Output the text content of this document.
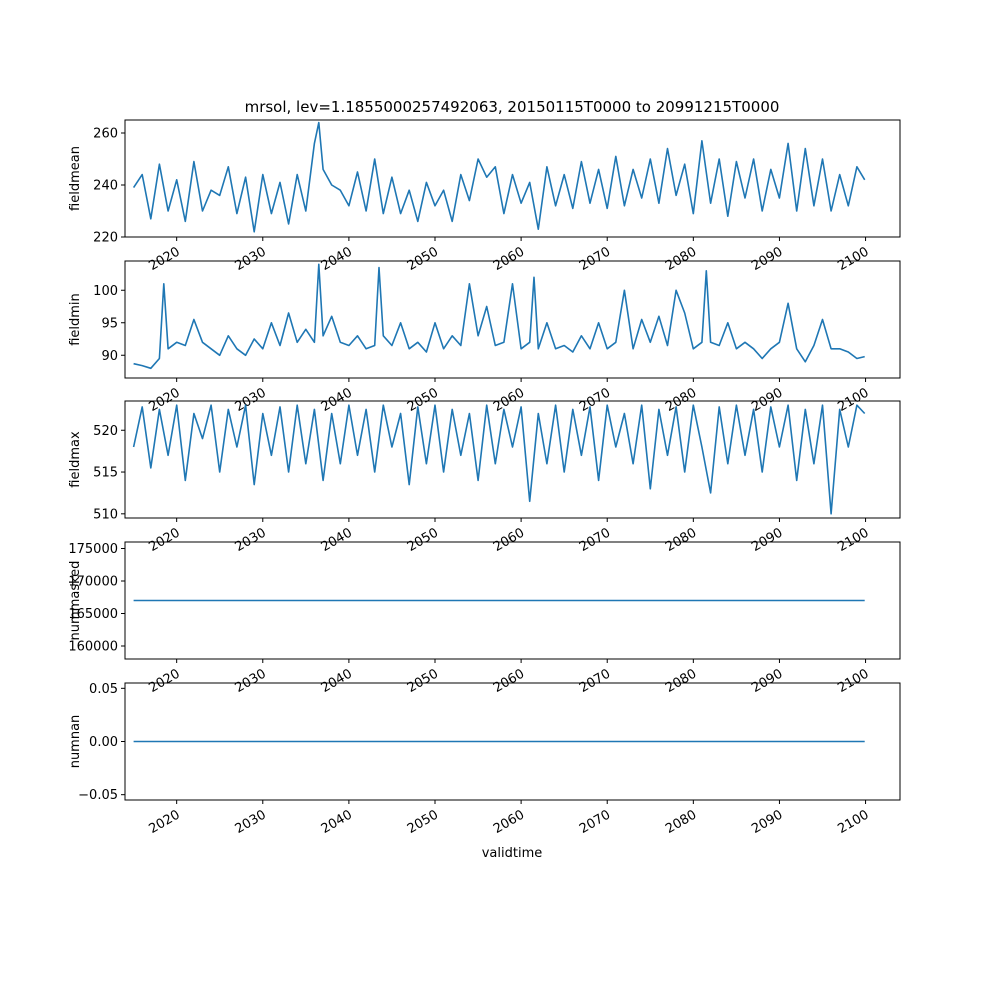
mrsol, lev=1.1855000257492063, 20150115T0000 to 20991215T0000
validtime
220
240
260
fieldmean
2020	2030	2040	2050	2060	2070	2080	2090	2100
90
95
100
fieldmin
2020	2030	2040	2050	2060	2070	2080	2090	2100
510
515
520
fieldmax
2020	2030	2040	2050	2060	2070	2080	2090	2100
160000
165000
170000
175000
nummasked
2020	2030	2040	2050	2060	2070	2080	2090	2100
−0.05
0.00
0.05
numnan
2020	2030	2040	2050	2060	2070	2080	2090	2100
